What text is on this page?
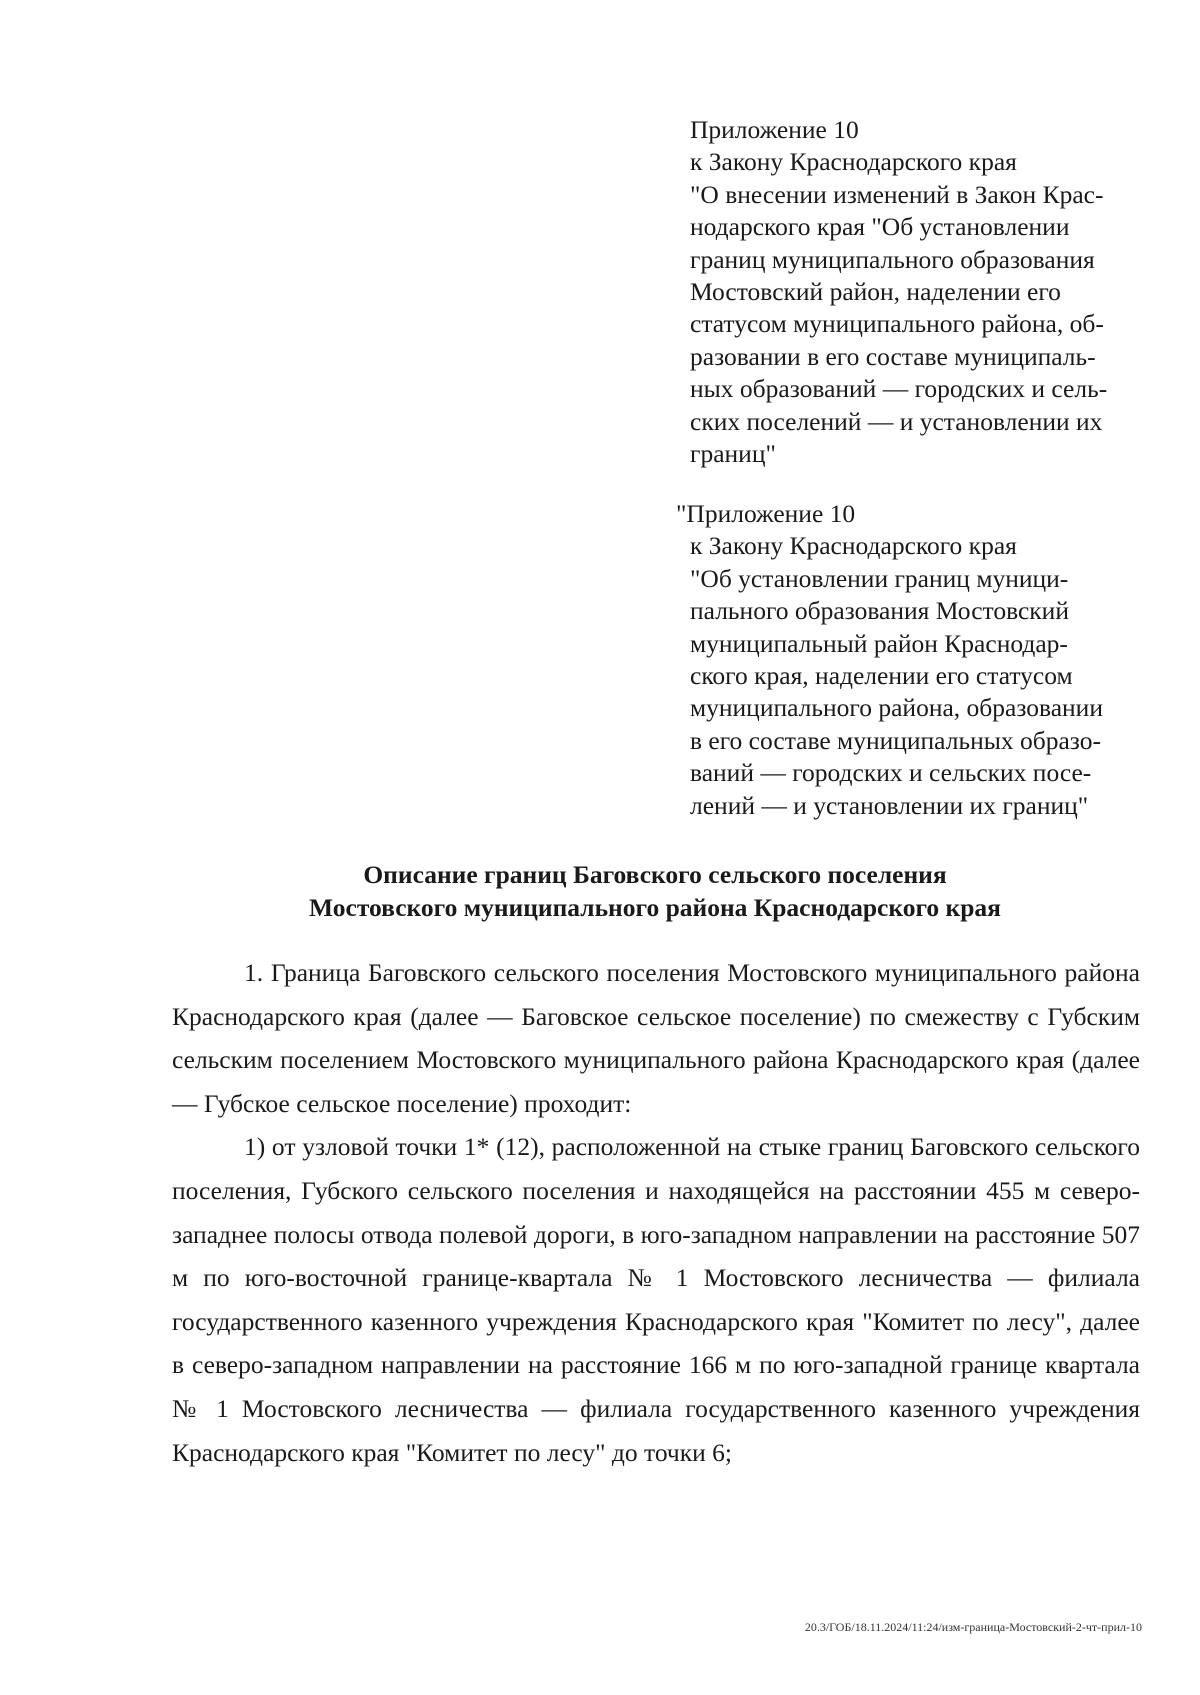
Приложение 10
к Закону Краснодарского края
"О внесении изменений в Закон Крас-
нодарского края "Об установлении
границ муниципального образования
Мостовский район, наделении его
статусом муниципального района, об-
разовании в его составе муниципаль-
ных образований — городских и сель-
ских поселений — и установлении их
границ"
"Приложение 10
к Закону Краснодарского края
"Об установлении границ муници-
пального образования Мостовский
муниципальный район Краснодар-
ского края, наделении его статусом
муниципального района, образовании
в его составе муниципальных образо-
ваний — городских и сельских посе-
лений — и установлении их границ"
Описание границ Баговского сельского поселения
Мостовского муниципального района Краснодарского края

1. Граница Баговского сельского поселения Мостовского муниципального района Краснодарского края (далее — Баговское сельское поселение) по смежеству с Губским сельским поселением Мостовского муниципального района Краснодарского края (далее — Губское сельское поселение) проходит:

1) от узловой точки 1* (12), расположенной на стыке границ Баговского сельского поселения, Губского сельского поселения и находящейся на расстоянии 455 м северо-западнее полосы отвода полевой дороги, в юго-западном направлении на расстояние 507 м по юго-восточной границе-квартала № 1 Мостовского лесничества — филиала государственного казенного учреждения Краснодарского края "Комитет по лесу", далее в северо-западном направлении на расстояние 166 м по юго-западной границе квартала № 1 Мостовского лесничества — филиала государственного казенного учреждения Краснодарского края "Комитет по лесу" до точки 6;

20.3/ГОБ/18.11.2024/11:24/изм-граница-Мостовский-2-чт-прил-10
